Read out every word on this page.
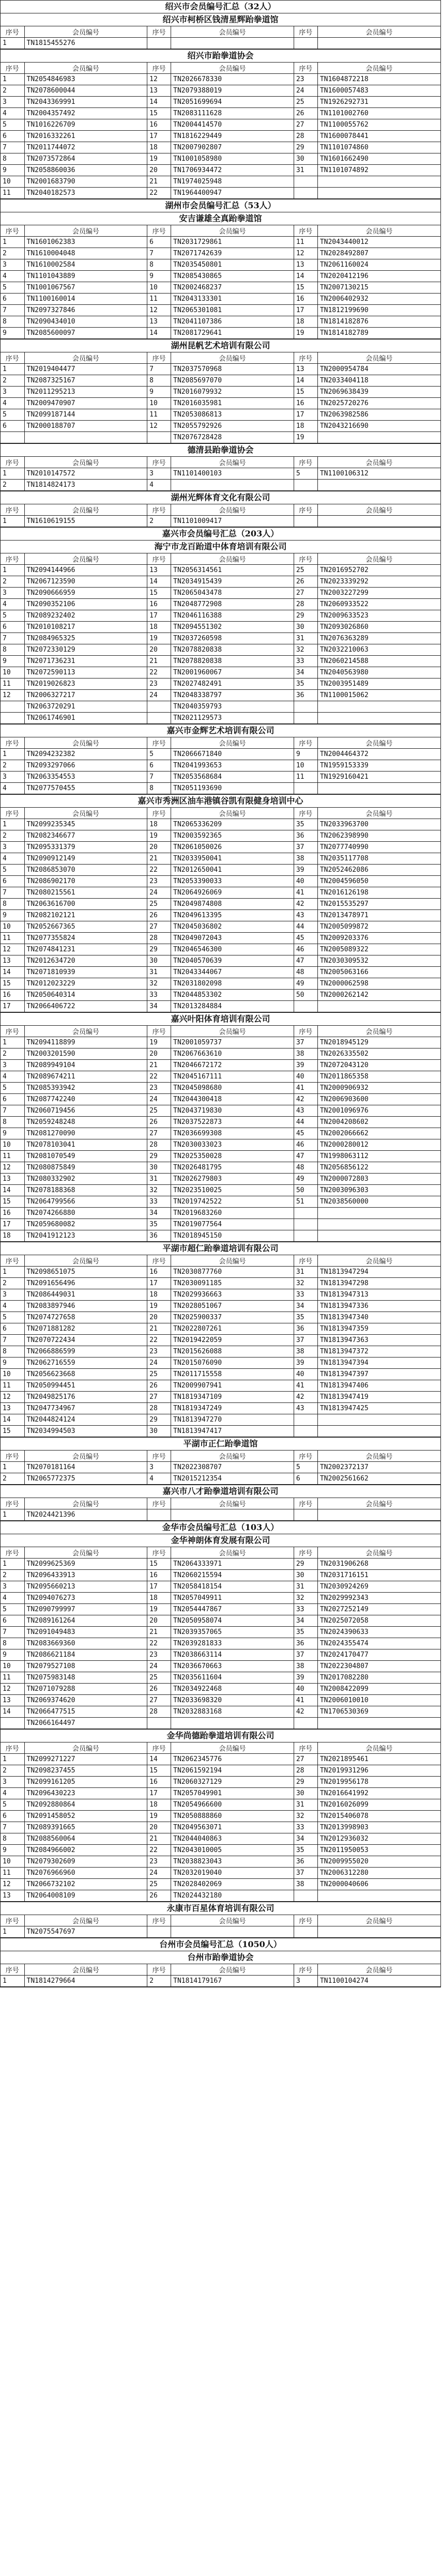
绍兴市会员编号汇总（32人）
绍兴市柯桥区钱清星辉跆拳道馆
序号	会员编号	序号	会员编号	序号	会员编号
1	TN1815455276				
绍兴市跆拳道协会
序号	会员编号	序号	会员编号	序号	会员编号
1	TN2054846983	12	TN2026678330	23	TN1604872218
2	TN2078600044	13	TN2079388019	24	TN1600057483
3	TN2043369991	14	TN2051699694	25	TN1926292731
4	TN2004357492	15	TN2083111628	26	TN1101002760
5	TN1016226709	16	TN2004414570	27	TN1100055762
6	TN2016332261	17	TN1816229449	28	TN1600078441
7	TN2011744072	18	TN2007902807	29	TN1101074860
8	TN2073572864	19	TN1001058980	30	TN1601662490
9	TN2058860036	20	TN1706934472	31	TN1101074892
10	TN2001683790	21	TN1974025948		
11	TN2040182573	22	TN1964400947		
湖州市会员编号汇总（53人）
安吉谦雄全真跆拳道馆
序号	会员编号	序号	会员编号	序号	会员编号
1	TN1601062383	6	TN2031729861	11	TN2043440012
2	TN1610004048	7	TN2071742639	12	TN2028492807
3	TN1610002584	8	TN2035450801	13	TN2061160024
4	TN1101043889	9	TN2085430865	14	TN2020412196
5	TN1001067567	10	TN2002468237	15	TN2007130215
6	TN1100160014	11	TN2043133301	16	TN2006402932
7	TN2097327846	12	TN2065301081	17	TN1812199690
8	TN2090434010	13	TN2041107386	18	TN1814182876
9	TN2085600097	14	TN2081729641	19	TN1814182789
湖州昆帆艺术培训有限公司
序号	会员编号	序号	会员编号	序号	会员编号
1	TN2019404477	7	TN2037570968	13	TN2000954784
2	TN2087325167	8	TN2085697070	14	TN2033404118
3	TN2011295213	9	TN2016079932	15	TN2069638439
4	TN2009470907	10	TN2016035981	16	TN2025720276
5	TN2099187144	11	TN2053086813	17	TN2063982586
6	TN2000188707	12	TN2055792926	18	TN2043216690
			TN2076728428	19	
德清县跆拳道协会
序号	会员编号	序号	会员编号	序号	会员编号
1	TN2010147572	3	TN1101400103	5	TN1100106312
2	TN1814824173	4			
湖州光辉体育文化有限公司
序号	会员编号	序号	会员编号	序号	会员编号
1	TN1610619155	2	TN1101009417		
嘉兴市会员编号汇总（203人）
海宁市龙百跆道中体育培训有限公司
序号	会员编号	序号	会员编号	序号	会员编号
1	TN2094144966	13	TN2056314561	25	TN2016952702
2	TN2067123590	14	TN2034915439	26	TN2023339292
3	TN2090666959	15	TN2065043478	27	TN2003227299
4	TN2090352106	16	TN2048772908	28	TN2060933522
5	TN2089232402	17	TN2046116388	29	TN2009633523
6	TN2010108217	18	TN2094551302	30	TN2093026860
7	TN2084965325	19	TN2037260598	31	TN2076363289
8	TN2072330129	20	TN2078820838	32	TN2032210063
9	TN2071736231	21	TN2078820838	33	TN2060214588
10	TN2072590113	22	TN2001960067	34	TN2040563980
11	TN2019026823	23	TN2027482491	35	TN2003951489
12	TN2006327217	24	TN2048338797	36	TN1100015062
	TN2063720291		TN2040359793		
	TN2061746901		TN2021129573		
嘉兴市金辉艺术培训有限公司
序号	会员编号	序号	会员编号	序号	会员编号
1	TN2094232382	5	TN2066671840	9	TN2004464372
2	TN2093297066	6	TN2041993653	10	TN1959153339
3	TN2063354553	7	TN2053568684	11	TN1929160421
4	TN2077570455	8	TN2051193690		
嘉兴市秀洲区油车港镇谷凯有限健身培训中心
序号	会员编号	序号	会员编号	序号	会员编号
1	TN2099235345	18	TN2065336209	35	TN2033963700
2	TN2082346677	19	TN2003592365	36	TN2062398990
3	TN2095331379	20	TN2061050026	37	TN2077740990
4	TN2090912149	21	TN2033950041	38	TN2035117708
5	TN2086853070	22	TN2012650041	39	TN2052462086
6	TN2086902170	23	TN2053390033	40	TN2004596050
7	TN2080215561	24	TN2064926069	41	TN2016126198
8	TN2063616700	25	TN2049874808	42	TN2015535297
9	TN2082102121	26	TN2049613395	43	TN2013478971
10	TN2052667365	27	TN2045036802	44	TN2005099872
11	TN2077355824	28	TN2049072043	45	TN2009203376
12	TN2074841231	29	TN2046546300	46	TN2005089322
13	TN2012634720	30	TN2040570639	47	TN2030309532
14	TN2071810939	31	TN2043344067	48	TN2005063166
15	TN2012023229	32	TN2031802098	49	TN2000062598
16	TN2050640314	33	TN2044853302	50	TN2000262142
17	TN2066406722	34	TN2013284884		
嘉兴叶阳体育培训有限公司
序号	会员编号	序号	会员编号	序号	会员编号
1	TN2094118899	19	TN2001059737	37	TN2018945129
2	TN2003201590	20	TN2067663610	38	TN2026335502
3	TN2089949104	21	TN2046672172	39	TN2072043120
4	TN2089674211	22	TN2045167111	40	TN2011865358
5	TN2085393942	23	TN2045098680	41	TN2000906932
6	TN2087742240	24	TN2044300418	42	TN2006903600
7	TN2060719456	25	TN2043719830	43	TN2001096976
8	TN2059248248	26	TN2037522873	44	TN2004208602
9	TN2081270090	27	TN2036699308	45	TN2002066662
10	TN2078103041	28	TN2030033023	46	TN2000280012
11	TN2081070549	29	TN2025350028	47	TN1998063112
12	TN2080875849	30	TN2026481795	48	TN2056856122
13	TN2080332902	31	TN2026279803	49	TN2000072803
14	TN2078188368	32	TN2023510025	50	TN2003096303
15	TN2064799566	33	TN2019742522	51	TN2038560000
16	TN2074266880	34	TN2019683260		
17	TN2059680082	35	TN2019077564		
18	TN2041912123	36	TN2018945150		
平湖市超仁跆拳道培训有限公司
序号	会员编号	序号	会员编号	序号	会员编号
1	TN2098651075	16	TN2030877760	31	TN1813947294
2	TN2091656496	17	TN2030091185	32	TN1813947298
3	TN2086449031	18	TN2029936663	33	TN1813947313
4	TN2083897946	19	TN2028051067	34	TN1813947336
5	TN2074727658	20	TN2025900337	35	TN1813947340
6	TN2071881282	21	TN2022807261	36	TN1813947359
7	TN2070722434	22	TN2019422059	37	TN1813947363
8	TN2066886599	23	TN2015626088	38	TN1813947372
9	TN2062716559	24	TN2015076090	39	TN1813947394
10	TN2056623668	25	TN2011715558	40	TN1813947397
11	TN2050994451	26	TN2009907941	41	TN1813947406
12	TN2049825176	27	TN1819347109	42	TN1813947419
13	TN2047734967	28	TN1819347249	43	TN1813947425
14	TN2044824124	29	TN1813947270		
15	TN2034994503	30	TN1813947417		
平湖市正仁跆拳道馆
序号	会员编号	序号	会员编号	序号	会员编号
1	TN2070181164	3	TN2022308707	5	TN2002372137
2	TN2065772375	4	TN2015212354	6	TN2002561662
嘉兴市八才跆拳道培训有限公司
序号	会员编号	序号	会员编号	序号	会员编号
1	TN2024421396				
金华市会员编号汇总（103人）
金华神朗体育发展有限公司
序号	会员编号	序号	会员编号	序号	会员编号
1	TN2099625369	15	TN2064333971	29	TN2031906268
2	TN2096433913	16	TN2060215594	30	TN2031716151
3	TN2095660213	17	TN2058418154	31	TN2030924269
4	TN2094076273	18	TN2057049911	32	TN2029992343
5	TN2090799997	19	TN2054447867	33	TN2027252149
6	TN2089161264	20	TN2050958074	34	TN2025072058
7	TN2091049483	21	TN2039357065	35	TN2024390633
8	TN2083669360	22	TN2039281833	36	TN2024355474
9	TN2086621184	23	TN2038663114	37	TN2024170477
10	TN2079527108	24	TN2036670663	38	TN2022304807
11	TN2075983148	25	TN2035611604	39	TN2017082280
12	TN2071079288	26	TN2034922468	40	TN2008422099
13	TN2069374620	27	TN2033698320	41	TN2006010010
14	TN2066477515	28	TN2032883168	42	TN1706530369
	TN2066164497				
金华尚德跆拳道培训有限公司
序号	会员编号	序号	会员编号	序号	会员编号
1	TN2099271227	14	TN2062345776	27	TN2021895461
2	TN2098237455	15	TN2061592194	28	TN2019931296
3	TN2099161205	16	TN2060327129	29	TN2019956178
4	TN2096430223	17	TN2057049901	30	TN2016641992
5	TN2092880864	18	TN2054966600	31	TN2016026099
6	TN2091458052	19	TN2050888860	32	TN2015406078
7	TN2089391665	20	TN2049563071	33	TN2013998903
8	TN2088560064	21	TN2044040863	34	TN2012936032
9	TN2084966002	22	TN2043010005	35	TN2011950053
10	TN2079302609	23	TN2038823043	36	TN2009955020
11	TN2076966960	24	TN2032019040	37	TN2006312280
12	TN2066732102	25	TN2028402069	38	TN2000040606
13	TN2064008109	26	TN2024432180		
永康市百星体育培训有限公司
序号	会员编号	序号	会员编号	序号	会员编号
1	TN2075547697				
台州市会员编号汇总（1050人）
台州市跆拳道协会
序号	会员编号	序号	会员编号	序号	会员编号
1	TN1814279664	2	TN1814179167	3	TN1100104274
